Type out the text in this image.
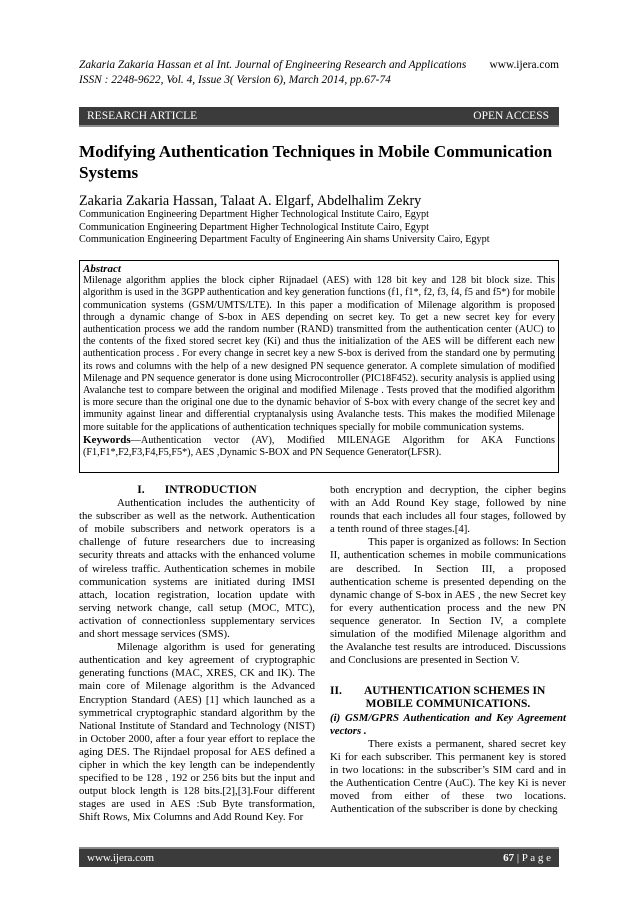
Zakaria Zakaria Hassan et al Int. Journal of Engineering Research and Applications www.ijera.com
ISSN : 2248-9622, Vol. 4, Issue 3( Version 6), March 2014, pp.67-74
RESEARCH ARTICLE	OPEN ACCESS
Modifying Authentication Techniques in Mobile Communication Systems
Zakaria Zakaria Hassan, Talaat A. Elgarf, Abdelhalim Zekry
Communication Engineering Department Higher Technological Institute Cairo, Egypt
Communication Engineering Department Higher Technological Institute Cairo, Egypt
Communication Engineering Department Faculty of Engineering Ain shams University Cairo, Egypt
Abstract
Milenage algorithm applies the block cipher Rijnadael (AES) with 128 bit key and 128 bit block size. This algorithm is used in the 3GPP authentication and key generation functions (f1, f1*, f2, f3, f4, f5 and f5*) for mobile communication systems (GSM/UMTS/LTE). In this paper a modification of Milenage algorithm is proposed through a dynamic change of S-box in AES depending on secret key. To get a new secret key for every authentication process we add the random number (RAND) transmitted from the authentication center (AUC) to the contents of the fixed stored secret key (Ki) and thus the initialization of the AES will be different each new authentication process . For every change in secret key a new S-box is derived from the standard one by permuting its rows and columns with the help of a new designed PN sequence generator. A complete simulation of modified Milenage and PN sequence generator is done using Microcontroller (PIC18F452). security analysis is applied using Avalanche test to compare between the original and modified Milenage . Tests proved that the modified algorithm is more secure than the original one due to the dynamic behavior of S-box with every change of the secret key and immunity against linear and differential cryptanalysis using Avalanche tests. This makes the modified Milenage more suitable for the applications of authentication techniques specially for mobile communication systems.
Keywords—Authentication vector (AV), Modified MILENAGE Algorithm for AKA Functions (F1,F1*,F2,F3,F4,F5,F5*), AES ,Dynamic S-BOX and PN Sequence Generator(LFSR).

I.       INTRODUCTION

Authentication includes the authenticity of the subscriber as well as the network. Authentication of mobile subscribers and network operators is a challenge of future researchers due to increasing security threats and attacks with the enhanced volume of wireless traffic. Authentication schemes in mobile communication systems are initiated during IMSI attach, location registration, location update with serving network change, call setup (MOC, MTC), activation of connectionless supplementary services and short message services (SMS).

Milenage algorithm is used for generating authentication and key agreement of cryptographic generating functions (MAC, XRES, CK and IK). The main core of Milenage algorithm is the Advanced Encryption Standard (AES) [1] which launched as a symmetrical cryptographic standard algorithm by the National Institute of Standard and Technology (NIST) in October 2000, after a four year effort to replace the aging DES. The Rijndael proposal for AES defined a cipher in which the key length can be independently specified to be 128 , 192 or 256 bits but the input and output block length is 128 bits.[2],[3].Four different stages are used in AES :Sub Byte transformation, Shift Rows, Mix Columns and Add Round Key. For

both encryption and decryption, the cipher begins with an Add Round Key stage, followed by nine rounds that each includes all four stages, followed by a tenth round of three stages.[4].

This paper is organized as follows: In Section II, authentication schemes in mobile communications are described. In Section III, a proposed authentication scheme is presented depending on the dynamic change of S-box in AES , the new Secret key for every authentication process and the new PN sequence generator. In Section IV, a complete simulation of the modified Milenage algorithm and the Avalanche test results are introduced. Discussions and Conclusions are presented in Section V.

II.	AUTHENTICATION SCHEMES IN
MOBILE COMMUNICATIONS.

(i) GSM/GPRS Authentication and Key Agreement vectors .

There exists a permanent, shared secret key Ki for each subscriber. This permanent key is stored in two locations: in the subscriber’s SIM card and in the Authentication Centre (AuC). The key Ki is never moved from either of these two locations. Authentication of the subscriber is done by checking

www.ijera.com	67 | P a g e
